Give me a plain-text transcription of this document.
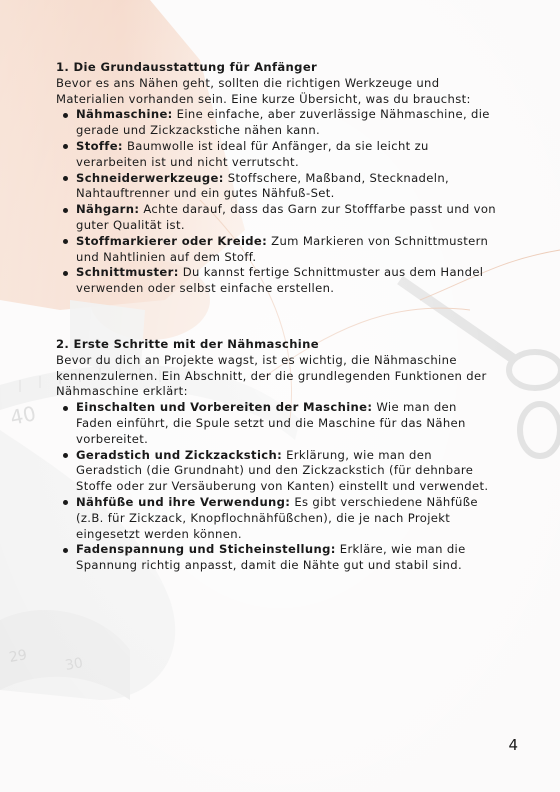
1. Die Grundausstattung für Anfänger

Bevor es ans Nähen geht, sollten die richtigen Werkzeuge und Materialien vorhanden sein. Eine kurze Übersicht, was du brauchst:

Nähmaschine: Eine einfache, aber zuverlässige Nähmaschine, die gerade und Zickzackstiche nähen kann.
Stoffe: Baumwolle ist ideal für Anfänger, da sie leicht zu verarbeiten ist und nicht verrutscht.
Schneiderwerkzeuge: Stoffschere, Maßband, Stecknadeln, Nahtauftrenner und ein gutes Nähfuß-Set.
Nähgarn: Achte darauf, dass das Garn zur Stofffarbe passt und von guter Qualität ist.
Stoffmarkierer oder Kreide: Zum Markieren von Schnittmustern und Nahtlinien auf dem Stoff.
Schnittmuster: Du kannst fertige Schnittmuster aus dem Handel verwenden oder selbst einfache erstellen.

2. Erste Schritte mit der Nähmaschine

Bevor du dich an Projekte wagst, ist es wichtig, die Nähmaschine kennenzulernen. Ein Abschnitt, der die grundlegenden Funktionen der Nähmaschine erklärt:

Einschalten und Vorbereiten der Maschine: Wie man den Faden einführt, die Spule setzt und die Maschine für das Nähen vorbereitet.
Geradstich und Zickzackstich: Erklärung, wie man den Geradstich (die Grundnaht) und den Zickzackstich (für dehnbare Stoffe oder zur Versäuberung von Kanten) einstellt und verwendet.
Nähfüße und ihre Verwendung: Es gibt verschiedene Nähfüße (z.B. für Zickzack, Knopflochnähfüßchen), die je nach Projekt eingesetzt werden können.
Fadenspannung und Sticheinstellung: Erkläre, wie man die Spannung richtig anpasst, damit die Nähte gut und stabil sind.
4
